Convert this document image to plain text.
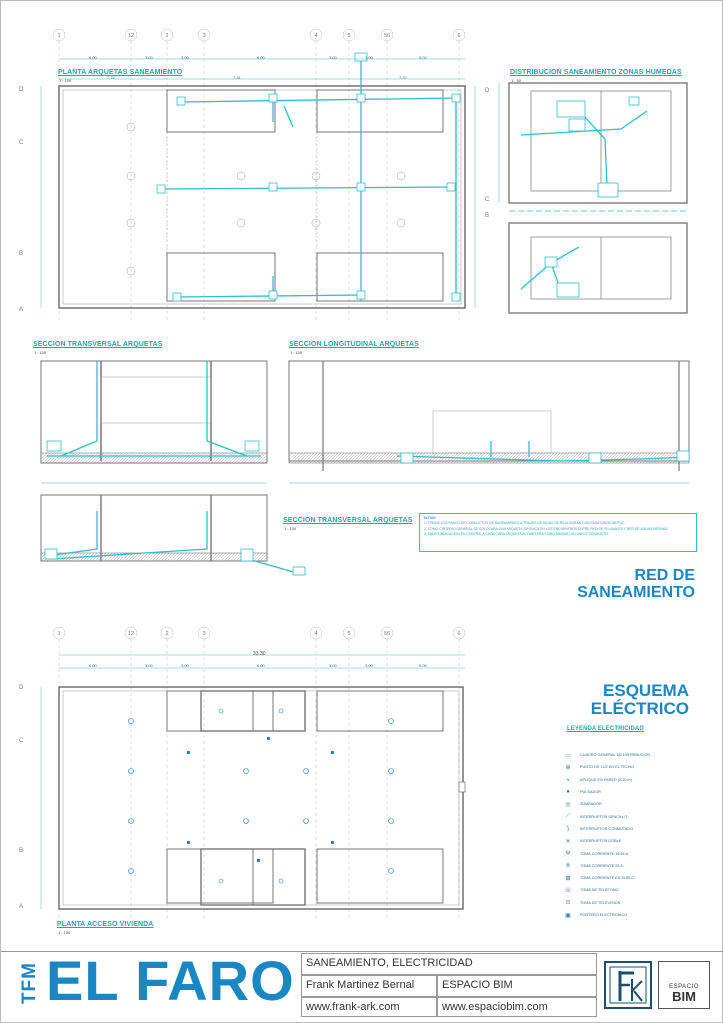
1	12	2	3	4	5	56	6
1	12	2	3	4	5	56	6
D
C
B
A
D
C
B
A
D
C
B
PLANTA ARQUETAS SANEAMIENTO
1 : 100
DISTRIBUCION SANEAMIENTO ZONAS HUMEDAS
1 : 50
SECCION TRANSVERSAL ARQUETAS
1 : 100
SECCION LONGITUDINAL ARQUETAS
1 : 100
SECCION TRANSVERSAL ARQUETAS
1 : 100
PLANTA ACCESO VIVIENDA
1 : 100
6.00	3.00	3.00	6.00	3.00	3.00	6.00
7.74	7.31	7.37
6.00	3.00	3.00	6.00	3.00	3.00	6.00
33.30
NOTAS
1. TODOS LOS PASOS DE CONDUCTOS DE SANEAMIENTO A TRAVES DE VIGAS SE REALIZARAN CON PASATUBOS DE PVC.
2. COMO CRITERIO GENERAL SE COLOCARA UNA ARQUETA SIFONICA EN LOS ENCUENTROS ENTRE RED DE PLUVIALES Y RED DE AGUAS NEGRAS.
3. SALVO INDICACION EN CONTRA, A CADA CARA ARQUETA ACOMETERA COMO MAXIMO UN UNICO CONDUCTO.
RED DE
SANEAMIENTO
ESQUEMA
ELÉCTRICO
LEYENDA ELECTRICIDAD
▭	CUADRO GENERAL DE DISTRIBUCION
⊕	PUNTO DE LUZ EN EL TECHO
◒	APLIQUE EN PARED (2.10 m)
●	PULSADOR
◎	ZUMBADOR
⟋	INTERRUPTOR SENCILLO
⟆	INTERRUPTOR CONMUTADO
✕	INTERRUPTOR DOBLE
Ψ	TOMA CORRIENTE 16/16 A.
⋔	TOMA CORRIENTE 25 A.
⊠	TOMA CORRIENTE EN SUELO
☏	TOMA DE TELEFONO
⊙	TOMA DE TELEVISION
▣	PORTERO ELECTRONICO
TFM EL FARO	SANEAMIENTO, ELECTRICIDAD
Frank Martinez Bernal	ESPACIO BIM
www.frank-ark.com	www.espaciobim.com
ESPACIO
BIM
